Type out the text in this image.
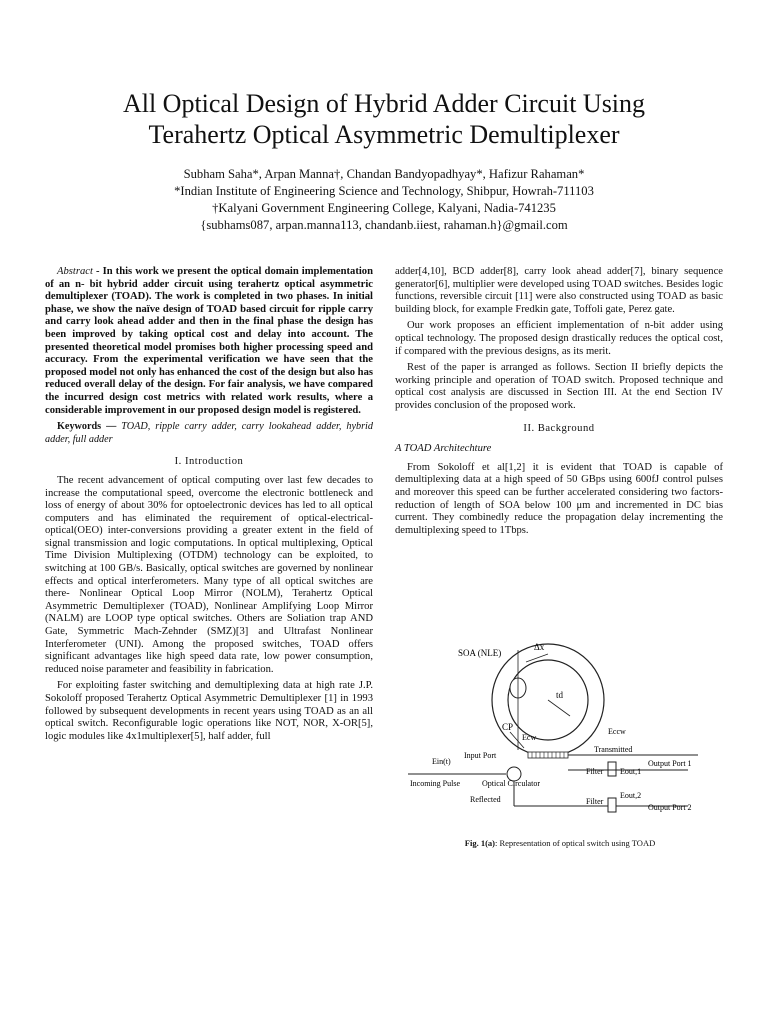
All Optical Design of Hybrid Adder Circuit Using
Terahertz Optical Asymmetric Demultiplexer
Subham Saha*, Arpan Manna†, Chandan Bandyopadhyay*, Hafizur Rahaman*
*Indian Institute of Engineering Science and Technology, Shibpur, Howrah-711103
†Kalyani Government Engineering College, Kalyani, Nadia-741235
{subhams087, arpan.manna113, chandanb.iiest, rahaman.h}@gmail.com

Abstract - In this work we present the optical domain implementation of an n- bit hybrid adder circuit using terahertz optical asymmetric demultiplexer (TOAD). The work is completed in two phases. In initial phase, we show the naïve design of TOAD based circuit for ripple carry and carry look ahead adder and then in the final phase the design has been improved by taking optical cost and delay into account. The presented theoretical model promises both higher processing speed and accuracy. From the experimental verification we have seen that the proposed model not only has enhanced the cost of the design but also has reduced overall delay of the design. For fair analysis, we have compared the incurred design cost metrics with related work results, where a considerable improvement in our proposed design model is registered.

Keywords — TOAD, ripple carry adder, carry lookahead adder, hybrid adder, full adder

I. Introduction

The recent advancement of optical computing over last few decades to increase the computational speed, overcome the electronic bottleneck and loss of energy of about 30% for optoelectronic devices has led to all optical computers and has eliminated the requirement of optical-electrical-optical(OEO) inter-conversions providing a greater extent in the field of signal transmission and logic computations. In optical multiplexing, Optical Time Division Multiplexing (OTDM) technology can be exploited, to switching at 100 GB/s. Basically, optical switches are governed by nonlinear effects and optical interferometers. Many type of all optical switches are there- Nonlinear Optical Loop Mirror (NOLM), Terahertz Optical Asymmetric Demultiplexer (TOAD), Nonlinear Amplifying Loop Mirror (NALM) are LOOP type optical switches. Others are Soliation trap AND Gate, Symmetric Mach-Zehnder (SMZ)[3] and Ultrafast Nonlinear Interferometer (UNI). Among the proposed switches, TOAD offers significant advantages like high speed data rate, low power consumption, reduced noise parameter and feasibility in fabrication.

For exploiting faster switching and demultiplexing data at high rate J.P. Sokoloff proposed Terahertz Optical Asymmetric Demultiplexer [1] in 1993 followed by subsequent developments in recent years using TOAD as an all optical switch. Reconfigurable logic operations like NOT, NOR, X-OR[5], logic modules like 4x1multiplexer[5], half adder, full

adder[4,10], BCD adder[8], carry look ahead adder[7], binary sequence generator[6], multiplier were developed using TOAD switches. Besides logic functions, reversible circuit [11] were also constructed using TOAD as basic building block, for example Fredkin gate, Toffoli gate, Perez gate.

Our work proposes an efficient implementation of n-bit adder using optical technology. The proposed design drastically reduces the optical cost, if compared with the previous designs, as its merit.

Rest of the paper is arranged as follows. Section II briefly depicts the working principle and operation of TOAD switch. Proposed technique and optical cost analysis are discussed in Section III. At the end Section IV provides conclusion of the proposed work.

II. Background
A TOAD Architechture

From Sokoloff et al[1,2] it is evident that TOAD is capable of demultiplexing data at a high speed of 50 GBps using 600fJ control pulses and moreover this speed can be further accelerated considering two factors- reduction of length of SOA below 100 μm and incremented in DC bias current. They combinedly reduce the propagation delay incrementing the demultiplexing speed to 1Tbps.

Δx
SOA (NLE)
td
CP
Ecw
Eccw
Transmitted
Ein(t)
Input Port
Incoming Pulse	Optical Circulator
Filter Eout,1
Output Port 1
Reflected	Filter
Eout,2
Output Port 2
Fig. 1(a): Representation of optical switch using TOAD
